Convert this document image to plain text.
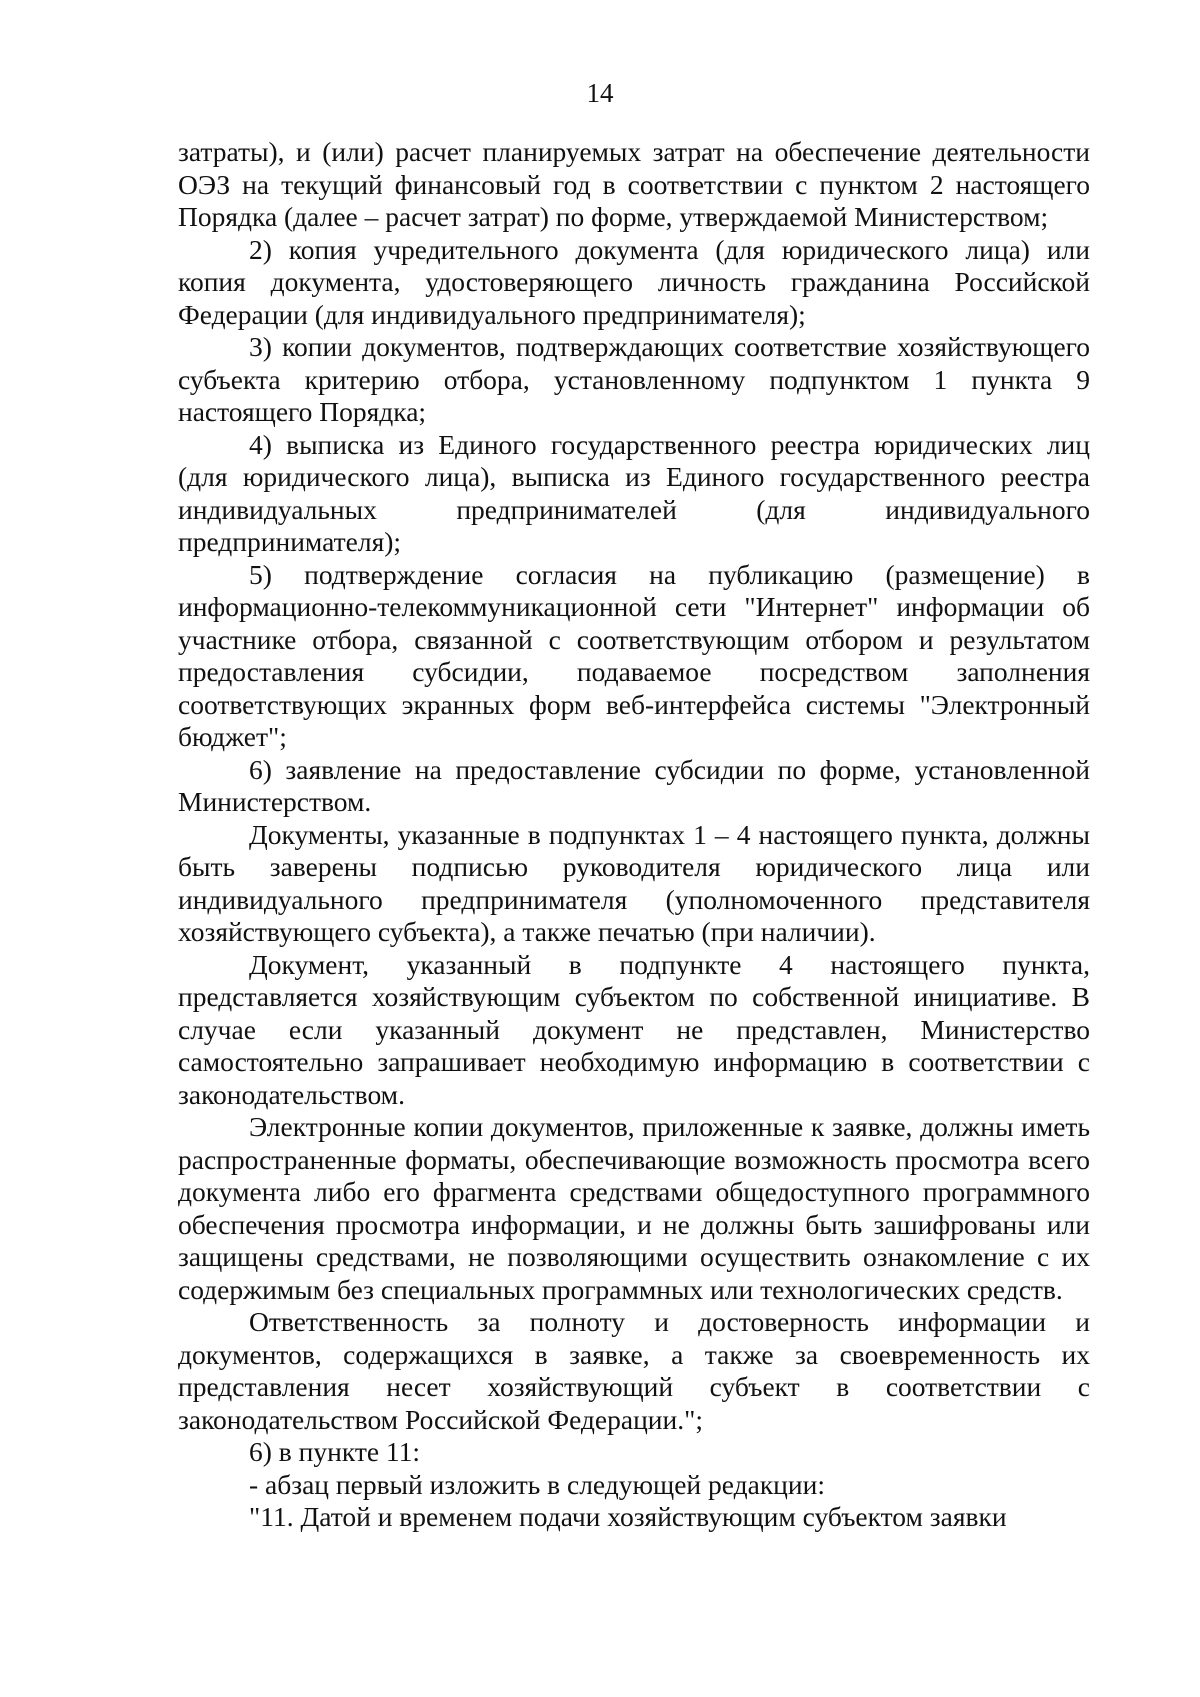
14

затраты), и (или) расчет планируемых затрат на обеспечение деятельности ОЭЗ на текущий финансовый год в соответствии с пунктом 2 настоящего Порядка (далее – расчет затрат) по форме, утверждаемой Министерством;

2) копия учредительного документа (для юридического лица) или копия документа, удостоверяющего личность гражданина Российской Федерации (для индивидуального предпринимателя);

3) копии документов, подтверждающих соответствие хозяйствующего субъекта критерию отбора, установленному подпунктом 1 пункта 9 настоящего Порядка;

4) выписка из Единого государственного реестра юридических лиц (для юридического лица), выписка из Единого государственного реестра индивидуальных предпринимателей (для индивидуального предпринимателя);

5) подтверждение согласия на публикацию (размещение) в информационно-телекоммуникационной сети "Интернет" информации об участнике отбора, связанной с соответствующим отбором и результатом предоставления субсидии, подаваемое посредством заполнения соответствующих экранных форм веб-интерфейса системы "Электронный бюджет";

6) заявление на предоставление субсидии по форме, установленной Министерством.

Документы, указанные в подпунктах 1 – 4 настоящего пункта, должны быть заверены подписью руководителя юридического лица или индивидуального предпринимателя (уполномоченного представителя хозяйствующего субъекта), а также печатью (при наличии).

Документ, указанный в подпункте 4 настоящего пункта, представляется хозяйствующим субъектом по собственной инициативе. В случае если указанный документ не представлен, Министерство самостоятельно запрашивает необходимую информацию в соответствии с законодательством.

Электронные копии документов, приложенные к заявке, должны иметь распространенные форматы, обеспечивающие возможность просмотра всего документа либо его фрагмента средствами общедоступного программного обеспечения просмотра информации, и не должны быть зашифрованы или защищены средствами, не позволяющими осуществить ознакомление с их содержимым без специальных программных или технологических средств.

Ответственность за полноту и достоверность информации и документов, содержащихся в заявке, а также за своевременность их представления несет хозяйствующий субъект в соответствии с законодательством Российской Федерации.";

6) в пункте 11:

- абзац первый изложить в следующей редакции:

"11. Датой и временем подачи хозяйствующим субъектом заявки
